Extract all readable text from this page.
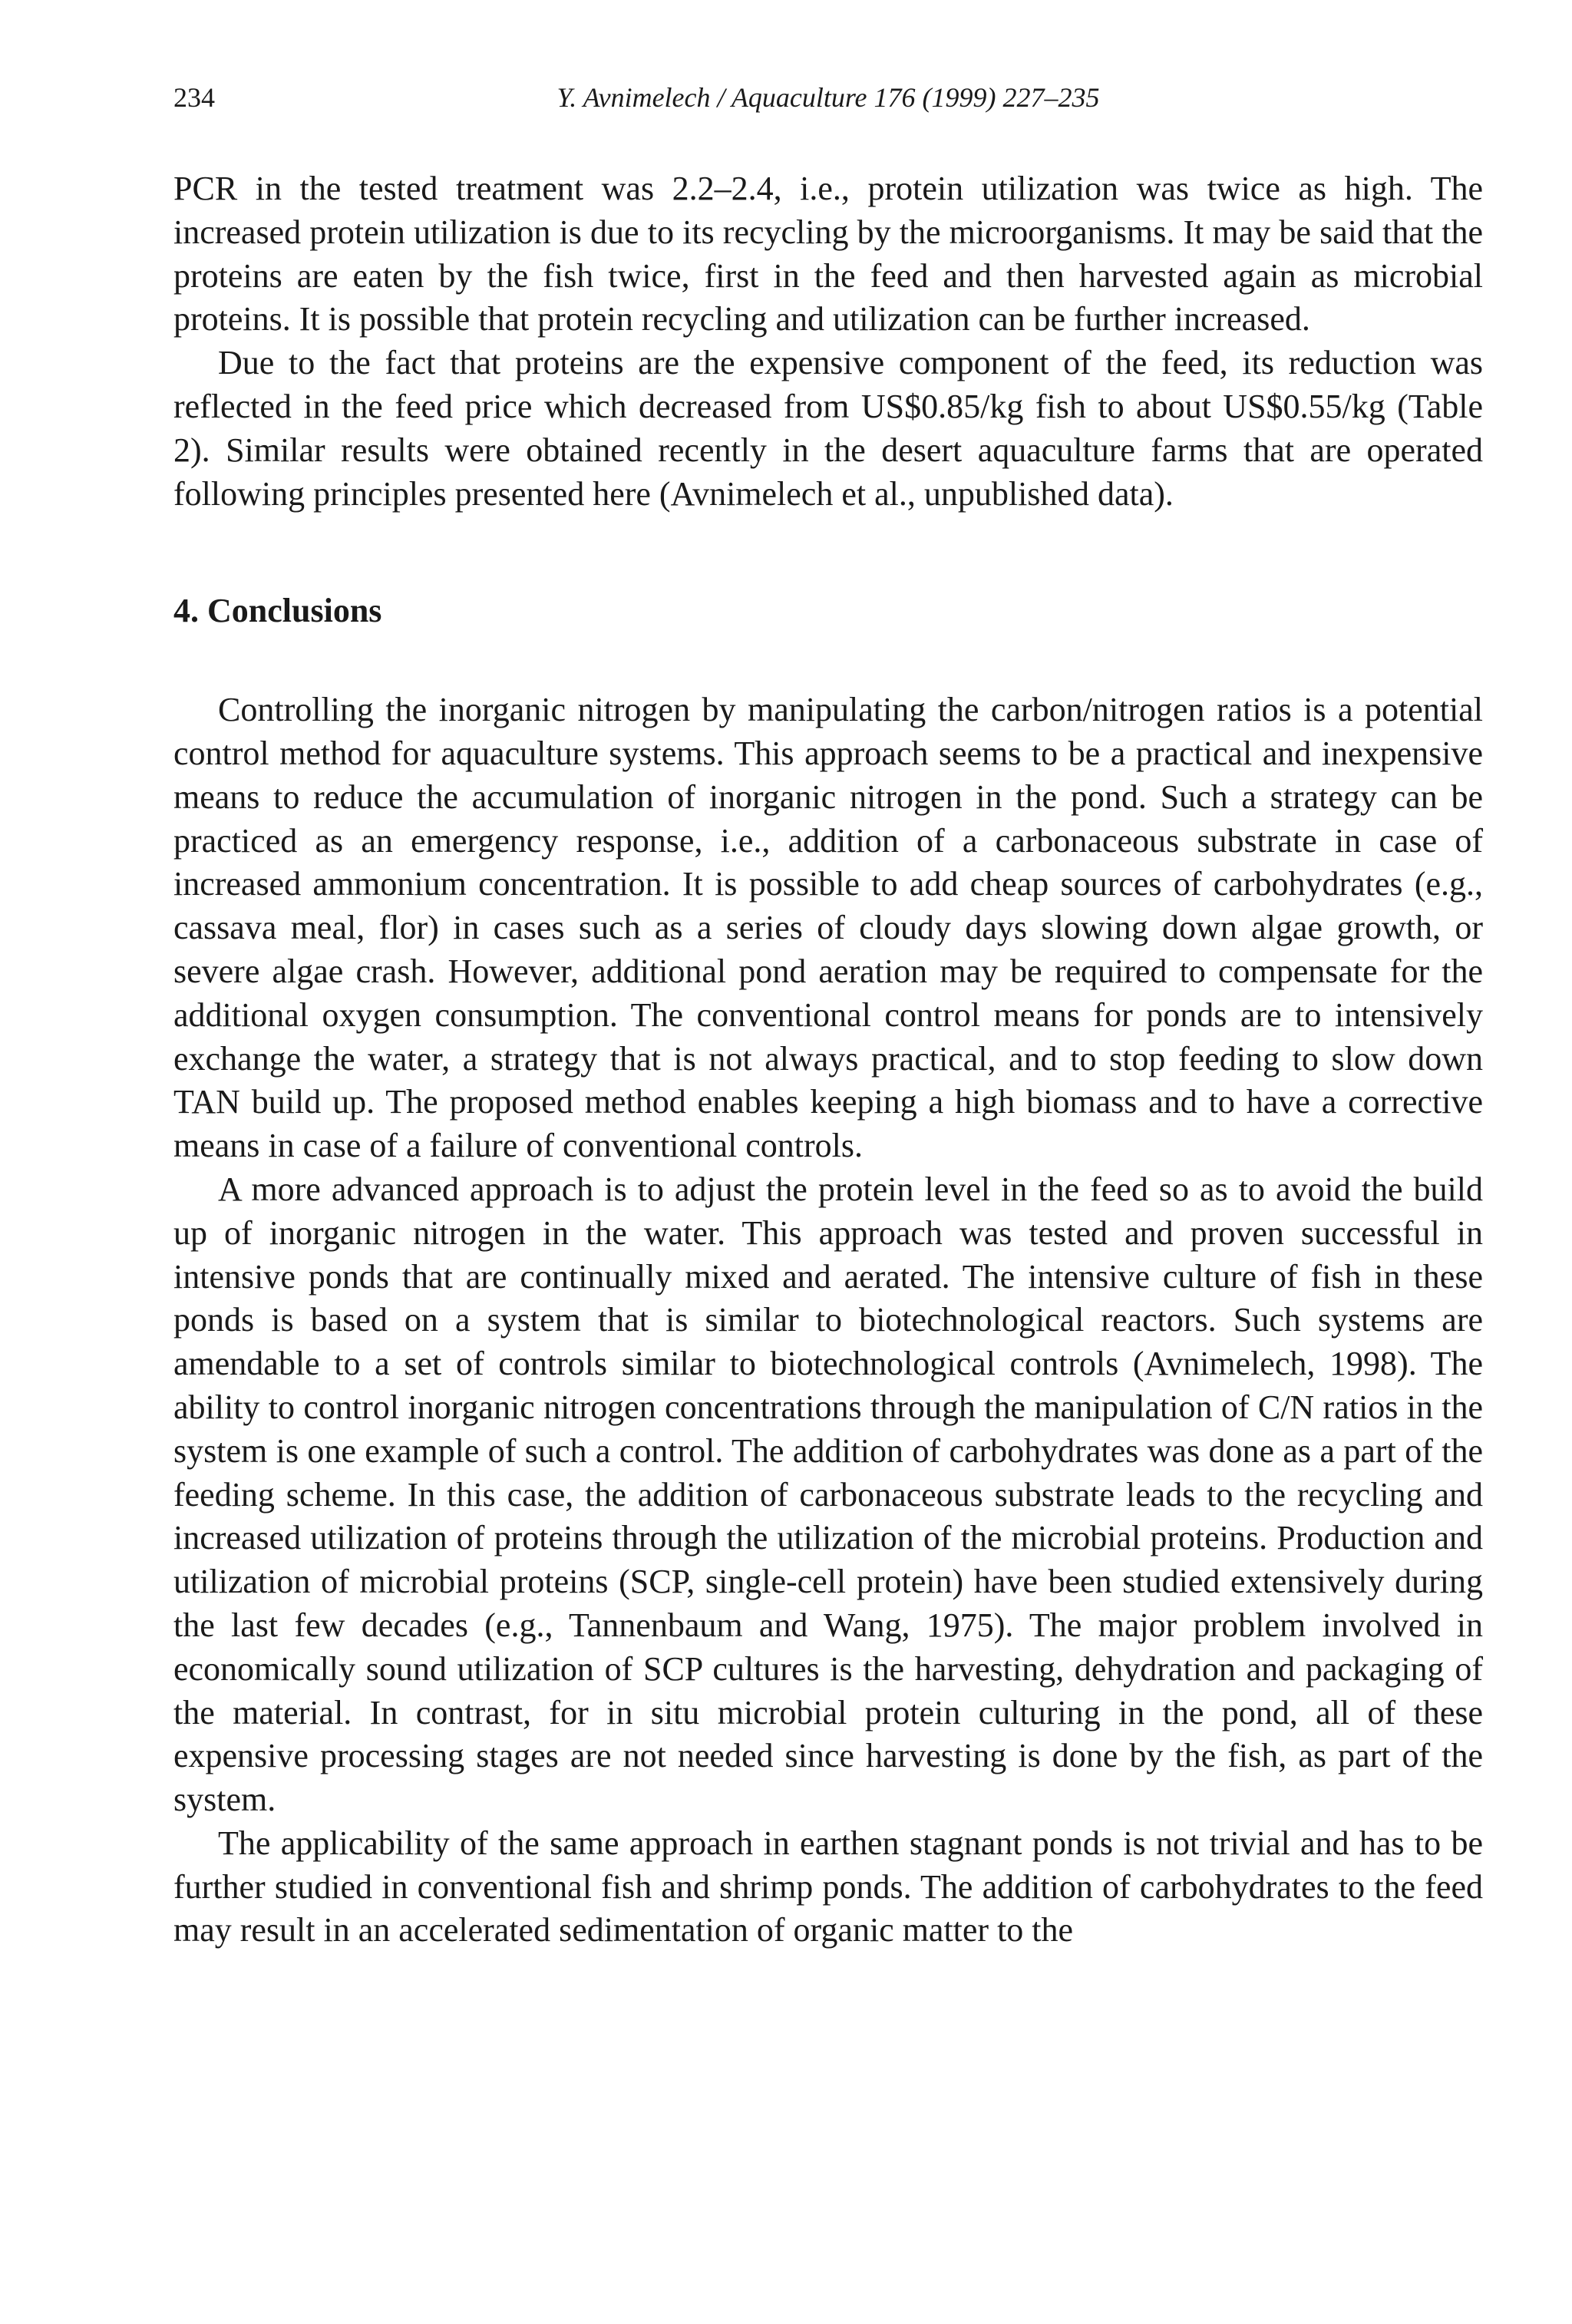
234	Y. Avnimelech / Aquaculture 176 (1999) 227–235

PCR in the tested treatment was 2.2–2.4, i.e., protein utilization was twice as high. The increased protein utilization is due to its recycling by the microorganisms. It may be said that the proteins are eaten by the fish twice, first in the feed and then harvested again as microbial proteins. It is possible that protein recycling and utilization can be further increased.

Due to the fact that proteins are the expensive component of the feed, its reduction was reflected in the feed price which decreased from US$0.85/kg fish to about US$0.55/kg (Table 2). Similar results were obtained recently in the desert aquaculture farms that are operated following principles presented here (Avnimelech et al., unpublished data).

4. Conclusions

Controlling the inorganic nitrogen by manipulating the carbon/nitrogen ratios is a potential control method for aquaculture systems. This approach seems to be a practical and inexpensive means to reduce the accumulation of inorganic nitrogen in the pond. Such a strategy can be practiced as an emergency response, i.e., addition of a carbonaceous substrate in case of increased ammonium concentration. It is possible to add cheap sources of carbohydrates (e.g., cassava meal, flor) in cases such as a series of cloudy days slowing down algae growth, or severe algae crash. However, additional pond aeration may be required to compensate for the additional oxygen consumption. The conventional control means for ponds are to intensively exchange the water, a strategy that is not always practical, and to stop feeding to slow down TAN build up. The proposed method enables keeping a high biomass and to have a corrective means in case of a failure of conventional controls.

A more advanced approach is to adjust the protein level in the feed so as to avoid the build up of inorganic nitrogen in the water. This approach was tested and proven successful in intensive ponds that are continually mixed and aerated. The intensive culture of fish in these ponds is based on a system that is similar to biotechnological reactors. Such systems are amendable to a set of controls similar to biotechnological controls (Avnimelech, 1998). The ability to control inorganic nitrogen concentrations through the manipulation of C/N ratios in the system is one example of such a control. The addition of carbohydrates was done as a part of the feeding scheme. In this case, the addition of carbonaceous substrate leads to the recycling and increased utilization of proteins through the utilization of the microbial proteins. Production and utilization of microbial proteins (SCP, single-cell protein) have been studied extensively during the last few decades (e.g., Tannenbaum and Wang, 1975). The major problem involved in economically sound utilization of SCP cultures is the harvesting, dehydration and packaging of the material. In contrast, for in situ microbial protein culturing in the pond, all of these expensive processing stages are not needed since harvesting is done by the fish, as part of the system.

The applicability of the same approach in earthen stagnant ponds is not trivial and has to be further studied in conventional fish and shrimp ponds. The addition of carbohydrates to the feed may result in an accelerated sedimentation of organic matter to the
